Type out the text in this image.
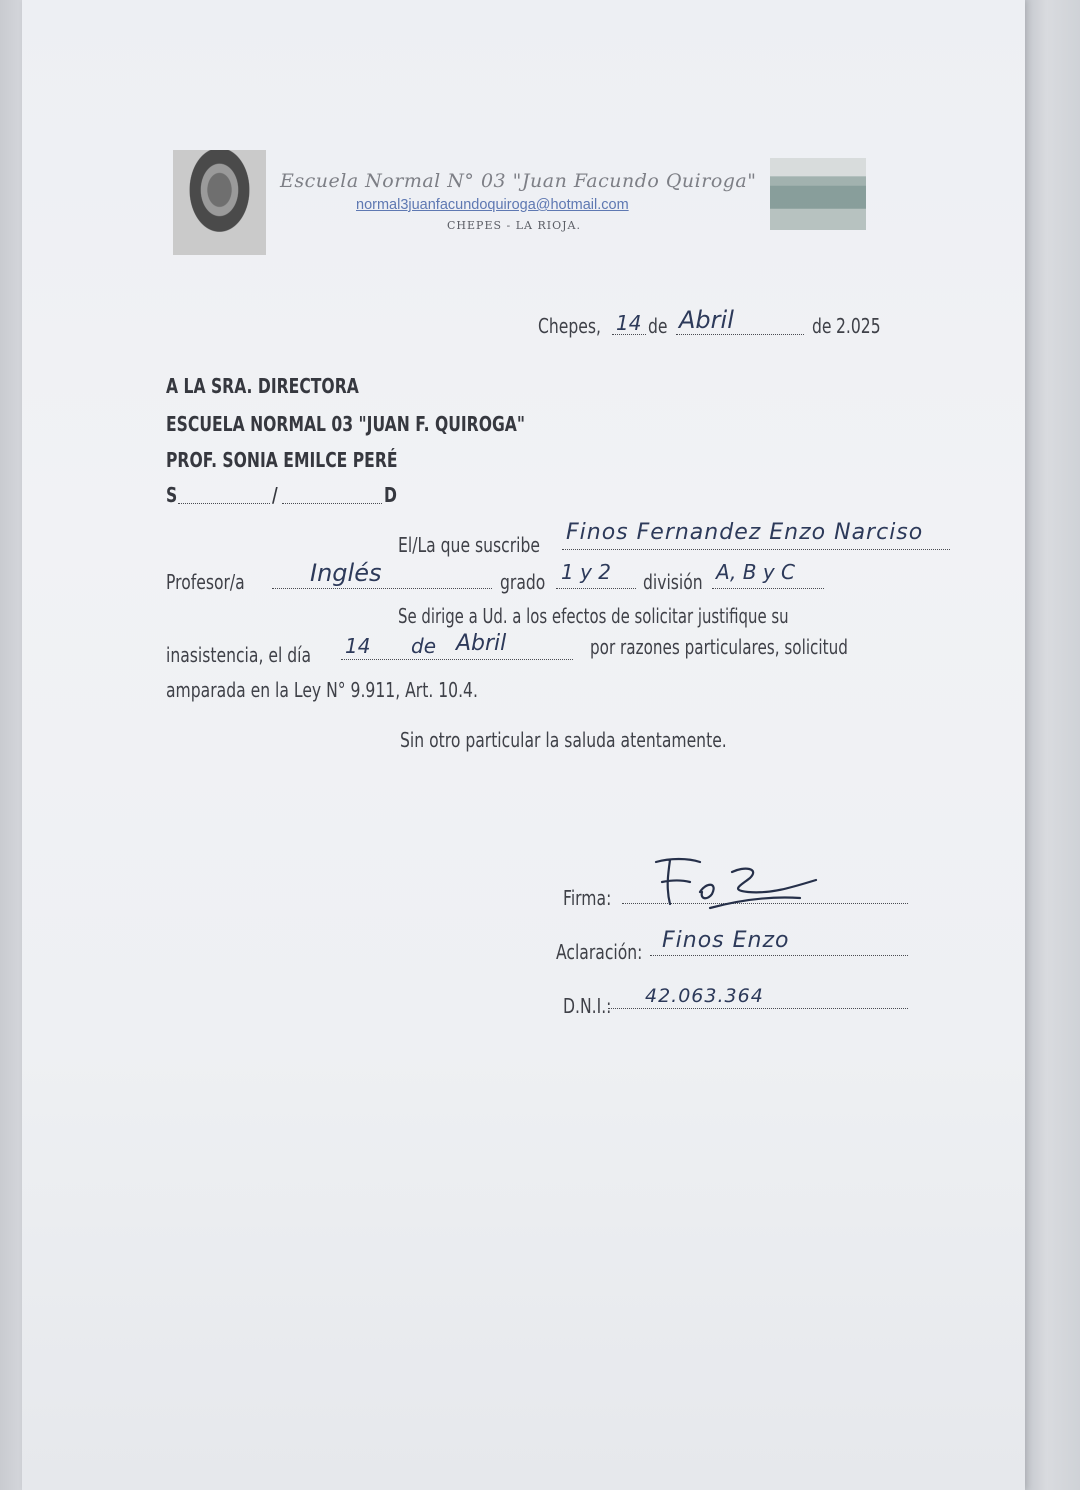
Escuela Normal N° 03 "Juan Facundo Quiroga"
normal3juanfacundoquiroga@hotmail.com
CHEPES - LA RIOJA.
Chepes, 14 de Abril	de 2.025
A LA SRA. DIRECTORA
ESCUELA NORMAL 03 "JUAN F. QUIROGA"
PROF. SONIA EMILCE PERÉ
S	/	D
El/La que suscribe Finos Fernandez Enzo Narciso
Profesor/a	Inglés	grado 1 y 2 división A, B y C
Se dirige a Ud. a los efectos de solicitar justifique su
inasistencia, el día 14 de Abril	por razones particulares, solicitud
amparada en la Ley N° 9.911, Art. 10.4.
Sin otro particular la saluda atentamente.
Firma:
Aclaración: Finos Enzo
D.N.I.: 42.063.364
